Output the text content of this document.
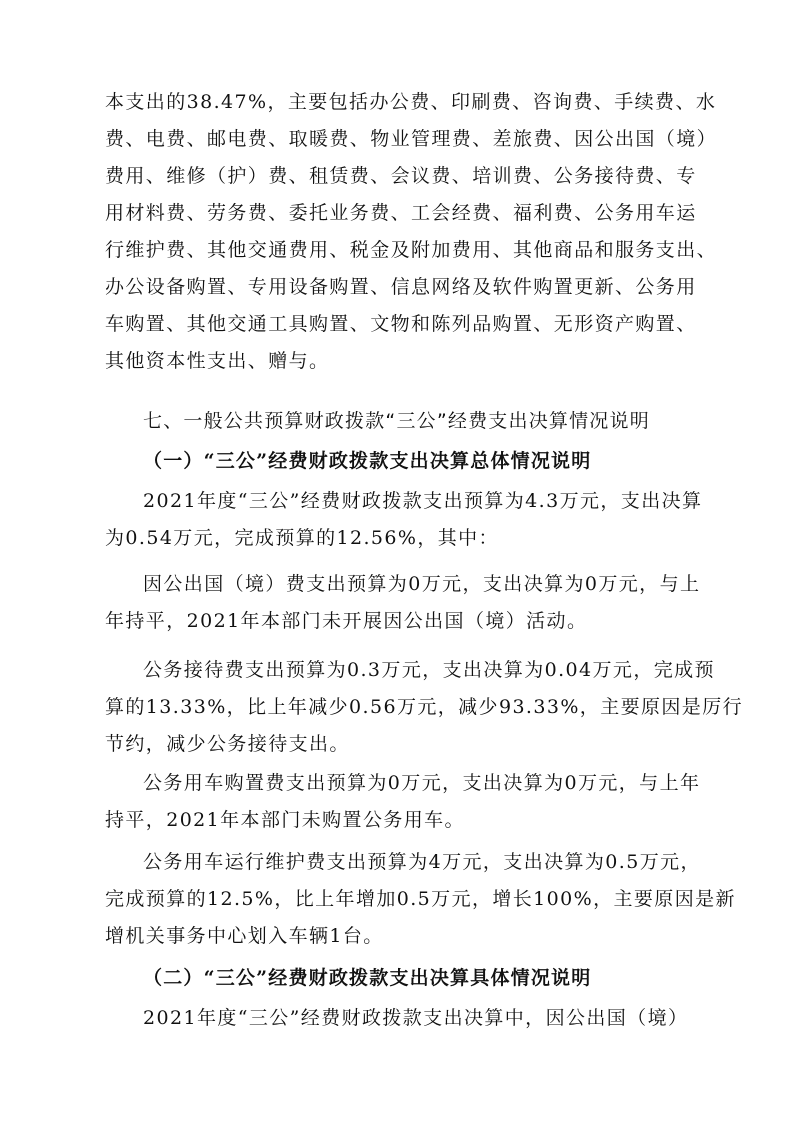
本支出的38.47%，主要包括办公费、印刷费、咨询费、手续费、水
费、电费、邮电费、取暖费、物业管理费、差旅费、因公出国（境）
费用、维修（护）费、租赁费、会议费、培训费、公务接待费、专
用材料费、劳务费、委托业务费、工会经费、福利费、公务用车运
行维护费、其他交通费用、税金及附加费用、其他商品和服务支出、
办公设备购置、专用设备购置、信息网络及软件购置更新、公务用
车购置、其他交通工具购置、文物和陈列品购置、无形资产购置、
其他资本性支出、赠与。
七、一般公共预算财政拨款“三公”经费支出决算情况说明
（一）“三公”经费财政拨款支出决算总体情况说明
2021年度“三公”经费财政拨款支出预算为4.3万元，支出决算
为0.54万元，完成预算的12.56%，其中：
因公出国（境）费支出预算为0万元，支出决算为0万元，与上
年持平，2021年本部门未开展因公出国（境）活动。
公务接待费支出预算为0.3万元，支出决算为0.04万元，完成预
算的13.33%，比上年减少0.56万元，减少93.33%，主要原因是厉行
节约，减少公务接待支出。
公务用车购置费支出预算为0万元，支出决算为0万元，与上年
持平，2021年本部门未购置公务用车。
公务用车运行维护费支出预算为4万元，支出决算为0.5万元，
完成预算的12.5%，比上年增加0.5万元，增长100%，主要原因是新
增机关事务中心划入车辆1台。
（二）“三公”经费财政拨款支出决算具体情况说明
2021年度“三公”经费财政拨款支出决算中，因公出国（境）
